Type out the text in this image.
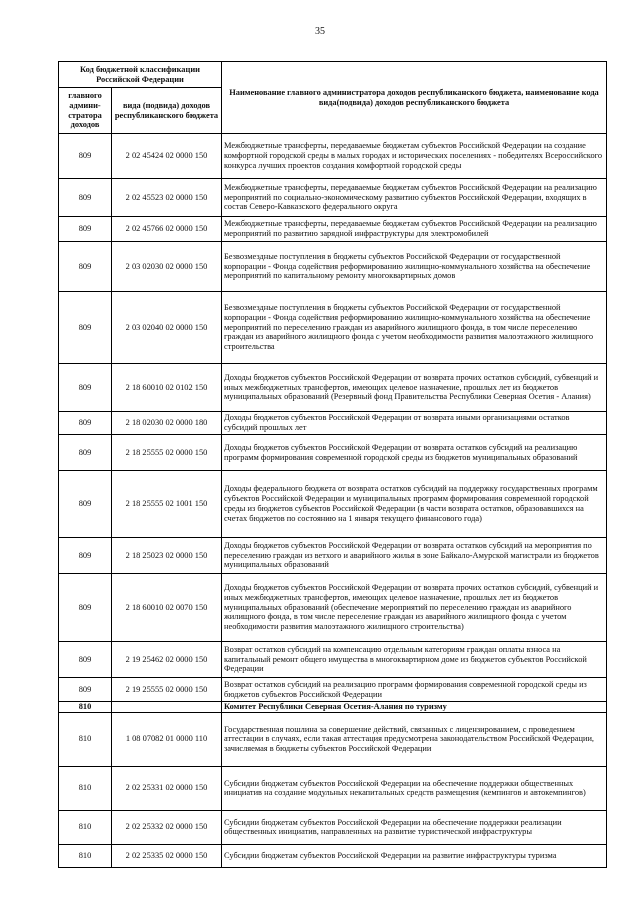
35
Код бюджетной классификации Российской Федерации		Наименование главного администратора доходов республиканского бюджета, наименование кода вида(подвида) доходов республиканского бюджета
главного админи-стратора доходов	вида (подвида) доходов республиканского бюджета	
809	2 02 45424 02 0000 150	Межбюджетные трансферты, передаваемые бюджетам субъектов Российской Федерации на создание комфортной городской среды в малых городах и исторических поселениях - победителях Всероссийского конкурса лучших проектов создания комфортной городской среды
809	2 02 45523 02 0000 150	Межбюджетные трансферты, передаваемые бюджетам субъектов Российской Федерации на реализацию мероприятий по социально-экономическому развитию субъектов Российской Федерации, входящих в состав Северо-Кавказского федерального округа
809	2 02 45766 02 0000 150	Межбюджетные трансферты, передаваемые бюджетам субъектов Российской Федерации на реализацию мероприятий по развитию зарядной инфраструктуры для электромобилей
809	2 03 02030 02 0000 150	Безвозмездные поступления в бюджеты субъектов Российской Федерации от государственной корпорации - Фонда содействия реформированию жилищно-коммунального хозяйства на обеспечение мероприятий по капитальному ремонту многоквартирных домов
809	2 03 02040 02 0000 150	Безвозмездные поступления в бюджеты субъектов Российской Федерации от государственной корпорации - Фонда содействия реформированию жилищно-коммунального хозяйства на обеспечение мероприятий по переселению граждан из аварийного жилищного фонда, в том числе переселению граждан из аварийного жилищного фонда с учетом необходимости развития малоэтажного жилищного строительства
809	2 18 60010 02 0102 150	Доходы бюджетов субъектов Российской Федерации от возврата прочих остатков субсидий, субвенций и иных межбюджетных трансфертов, имеющих целевое назначение, прошлых лет из бюджетов муниципальных образований (Резервный фонд Правительства Республики Северная Осетия - Алания)
809	2 18 02030 02 0000 180	Доходы бюджетов субъектов Российской Федерации от возврата иными организациями остатков субсидий прошлых лет
809	2 18 25555 02 0000 150	Доходы бюджетов субъектов Российской Федерации от возврата остатков субсидий на реализацию программ формирования современной городской среды из бюджетов муниципальных образований
809	2 18 25555 02 1001 150	Доходы федерального бюджета от возврата остатков субсидий на поддержку государственных программ субъектов Российской Федерации и муниципальных программ формирования современной городской среды из бюджетов субъектов Российской Федерации (в части возврата остатков, образовавшихся на счетах бюджетов по состоянию на 1 января текущего финансового года)
809	2 18 25023 02 0000 150	Доходы бюджетов субъектов Российской Федерации от возврата остатков субсидий на мероприятия по переселению граждан из ветхого и аварийного жилья в зоне Байкало-Амурской магистрали из бюджетов муниципальных образований
809	2 18 60010 02 0070 150	Доходы бюджетов субъектов Российской Федерации от возврата прочих остатков субсидий, субвенций и иных межбюджетных трансфертов, имеющих целевое назначение, прошлых лет из бюджетов муниципальных образований (обеспечение мероприятий по переселению граждан из аварийного жилищного фонда, в том числе переселение граждан из аварийного жилищного фонда с учетом необходимости развития малоэтажного жилищного строительства)
809	2 19 25462 02 0000 150	Возврат остатков субсидий на компенсацию отдельным категориям граждан оплаты взноса на капитальный ремонт общего имущества в многоквартирном доме из бюджетов субъектов Российской Федерации
809	2 19 25555 02 0000 150	Возврат остатков субсидий на реализацию программ формирования современной городской среды из бюджетов субъектов Российской Федерации
810		Комитет Республики Северная Осетия-Алания по туризму
810	1 08 07082 01 0000 110	Государственная пошлина за совершение действий, связанных с лицензированием, с проведением аттестации в случаях, если такая аттестация предусмотрена законодательством Российской Федерации, зачисляемая в бюджеты субъектов Российской Федерации
810	2 02 25331 02 0000 150	Субсидии бюджетам субъектов Российской Федерации на обеспечение поддержки общественных инициатив на создание модульных некапитальных средств размещения (кемпингов и автокемпингов)
810	2 02 25332 02 0000 150	Субсидии бюджетам субъектов Российской Федерации на обеспечение поддержки реализации общественных инициатив, направленных на развитие туристической инфраструктуры
810	2 02 25335 02 0000 150	Субсидии бюджетам субъектов Российской Федерации на развитие инфраструктуры туризма
